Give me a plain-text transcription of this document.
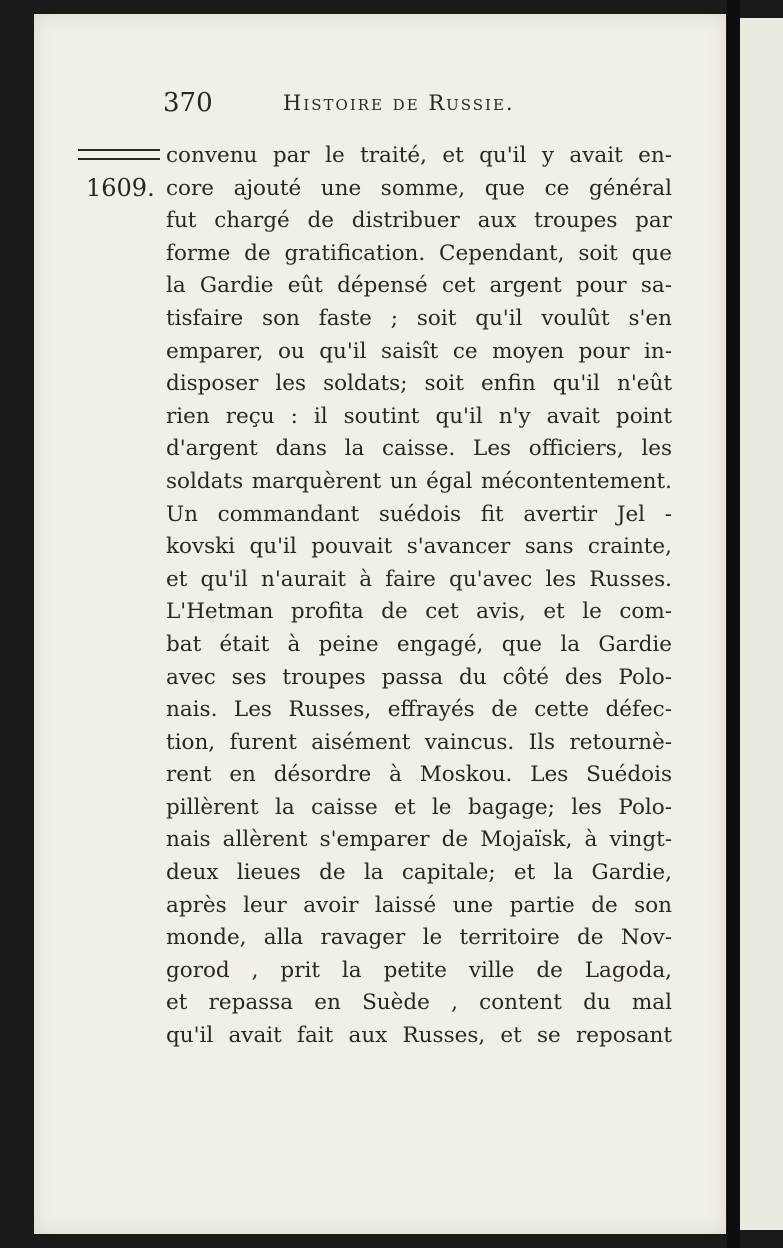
370	Histoire de Russie.
1609.
convenu par le traité, et qu'il y avait en-
core ajouté une somme, que ce général
fut chargé de distribuer aux troupes par
forme de gratification. Cependant, soit que
la Gardie eût dépensé cet argent pour sa-
tisfaire son faste ; soit qu'il voulût s'en
emparer, ou qu'il saisît ce moyen pour in-
disposer les soldats; soit enfin qu'il n'eût
rien reçu : il soutint qu'il n'y avait point
d'argent dans la caisse. Les officiers, les
soldats marquèrent un égal mécontentement.
Un commandant suédois fit avertir Jel -
kovski qu'il pouvait s'avancer sans crainte,
et qu'il n'aurait à faire qu'avec les Russes.
L'Hetman profita de cet avis, et le com-
bat était à peine engagé, que la Gardie
avec ses troupes passa du côté des Polo-
nais. Les Russes, effrayés de cette défec-
tion, furent aisément vaincus. Ils retournè-
rent en désordre à Moskou. Les Suédois
pillèrent la caisse et le bagage; les Polo-
nais allèrent s'emparer de Mojaïsk, à vingt-
deux lieues de la capitale; et la Gardie,
après leur avoir laissé une partie de son
monde, alla ravager le territoire de Nov-
gorod , prit la petite ville de Lagoda,
et repassa en Suède , content du mal
qu'il avait fait aux Russes, et se reposant
